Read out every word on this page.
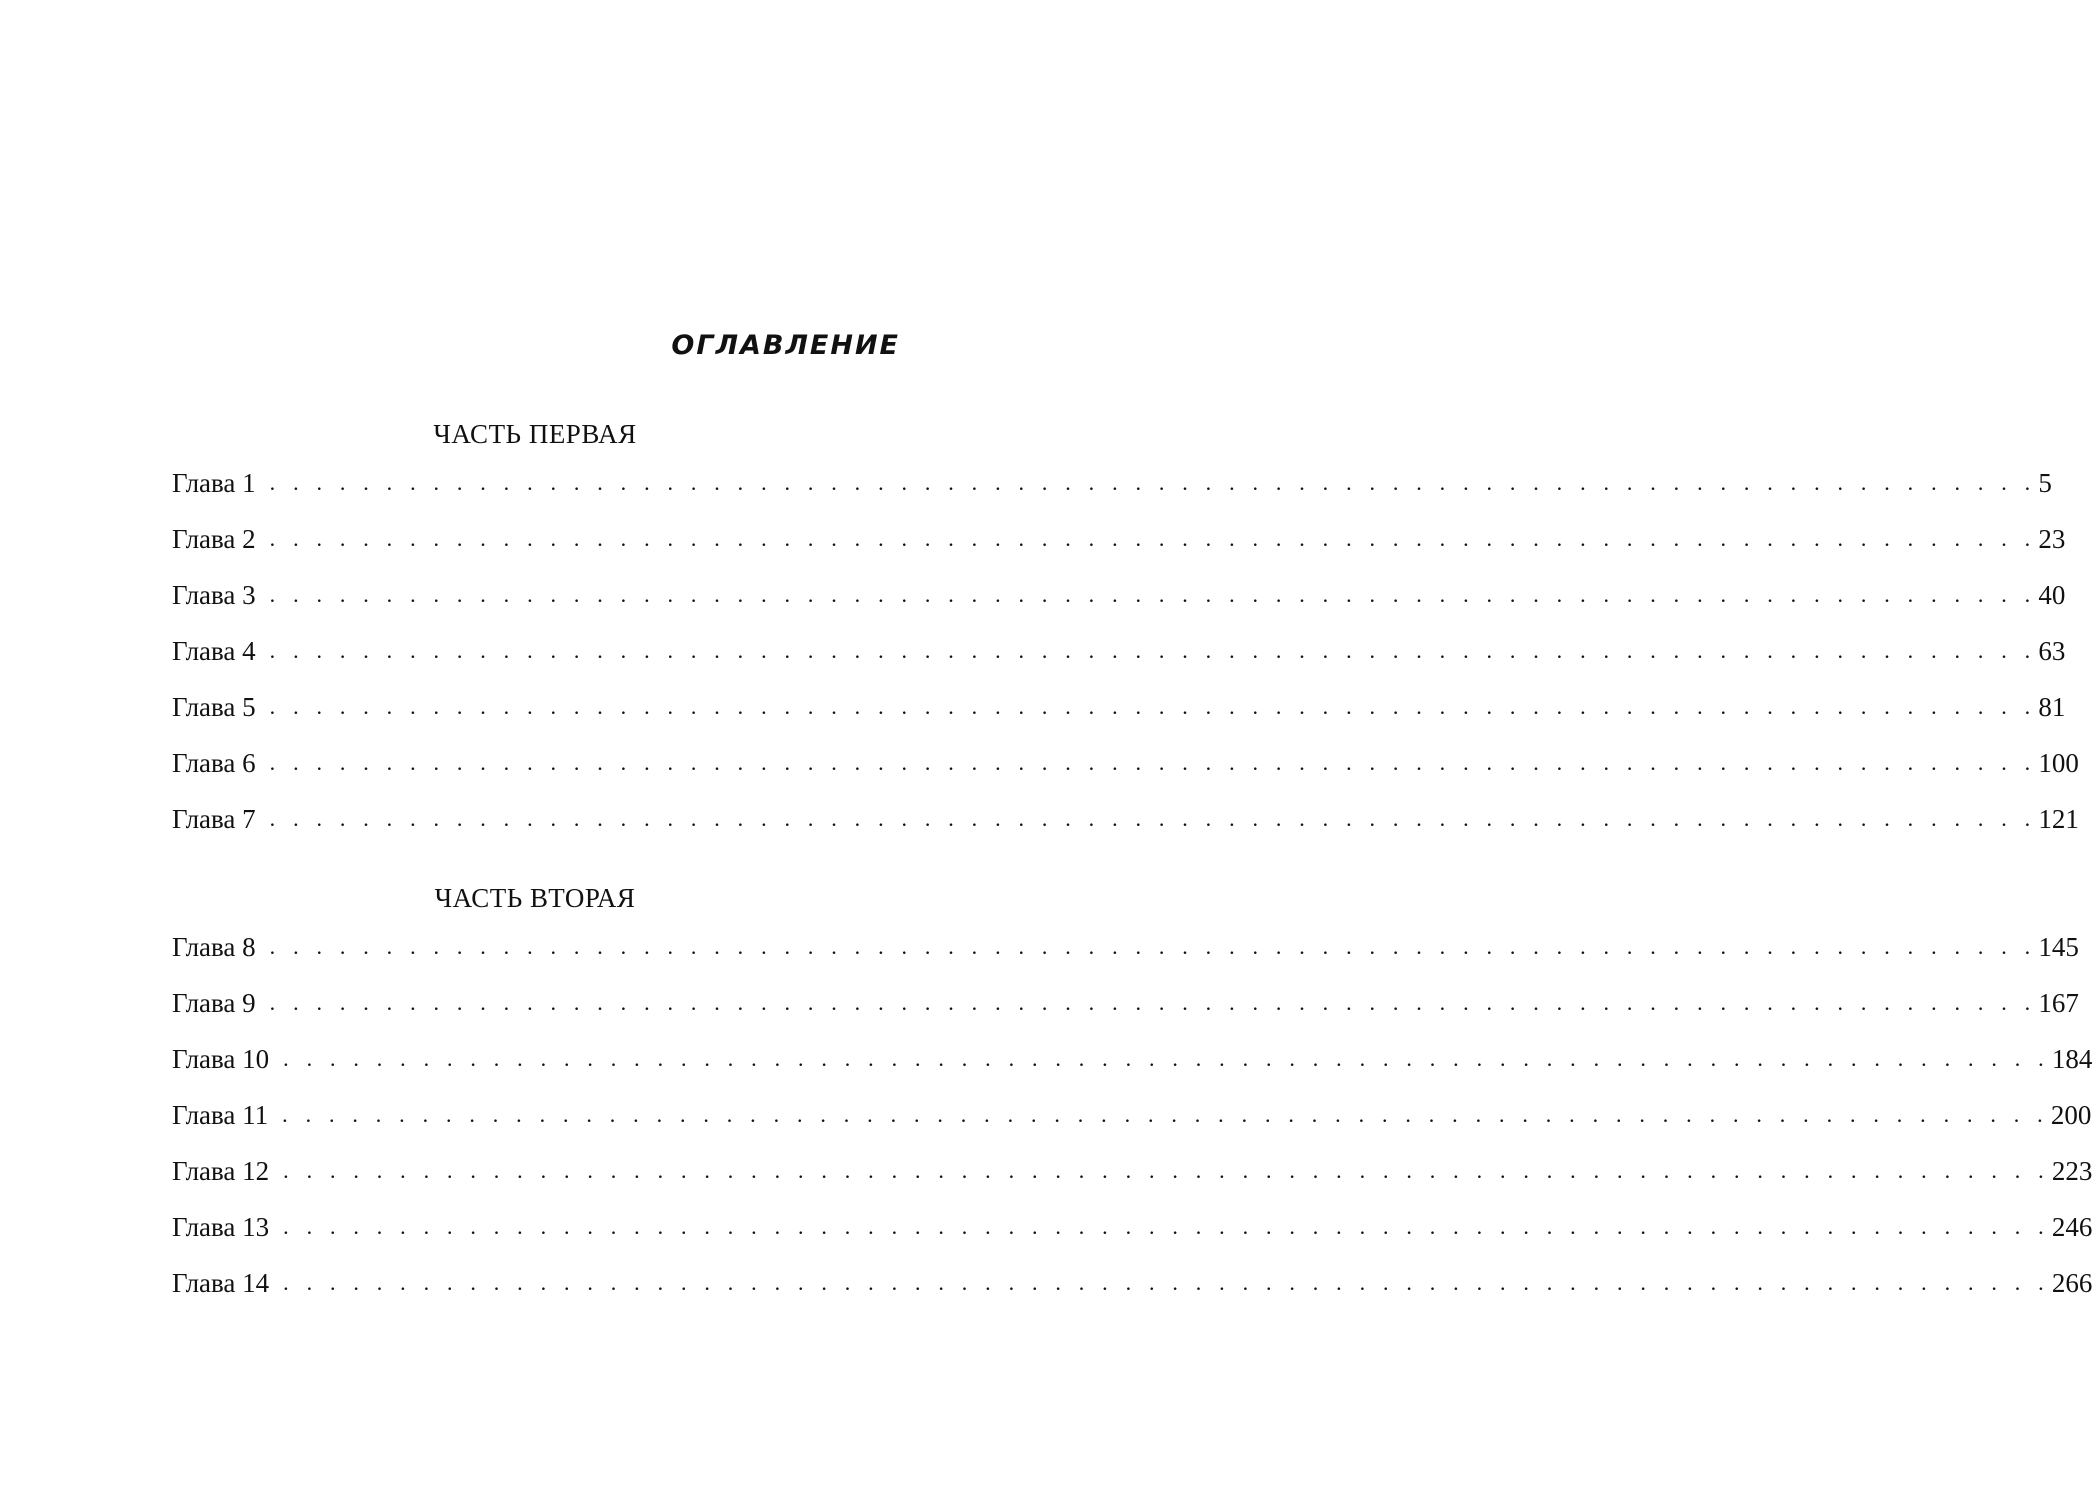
ОГЛАВЛЕНИЕ
ЧАСТЬ ПЕРВАЯ
Глава 1 . . . . . . . . . . . . . . . . . . . . . . . . . . . . . . . . . . . . . . . . . . . . . . . . . . . . . . . . . . . . . . . . . . . . . . . . . . . . 5
Глава 2 . . . . . . . . . . . . . . . . . . . . . . . . . . . . . . . . . . . . . . . . . . . . . . . . . . . . . . . . . . . . . . . . . . . . . . . . . . . . 23
Глава 3 . . . . . . . . . . . . . . . . . . . . . . . . . . . . . . . . . . . . . . . . . . . . . . . . . . . . . . . . . . . . . . . . . . . . . . . . . . . . 40
Глава 4 . . . . . . . . . . . . . . . . . . . . . . . . . . . . . . . . . . . . . . . . . . . . . . . . . . . . . . . . . . . . . . . . . . . . . . . . . . . . 63
Глава 5 . . . . . . . . . . . . . . . . . . . . . . . . . . . . . . . . . . . . . . . . . . . . . . . . . . . . . . . . . . . . . . . . . . . . . . . . . . . . 81
Глава 6 . . . . . . . . . . . . . . . . . . . . . . . . . . . . . . . . . . . . . . . . . . . . . . . . . . . . . . . . . . . . . . . . . . . . . . . . . . . . 100
Глава 7 . . . . . . . . . . . . . . . . . . . . . . . . . . . . . . . . . . . . . . . . . . . . . . . . . . . . . . . . . . . . . . . . . . . . . . . . . . . . 121
ЧАСТЬ ВТОРАЯ
Глава 8 . . . . . . . . . . . . . . . . . . . . . . . . . . . . . . . . . . . . . . . . . . . . . . . . . . . . . . . . . . . . . . . . . . . . . . . . . . . . 145
Глава 9 . . . . . . . . . . . . . . . . . . . . . . . . . . . . . . . . . . . . . . . . . . . . . . . . . . . . . . . . . . . . . . . . . . . . . . . . . . . . 167
Глава 10 . . . . . . . . . . . . . . . . . . . . . . . . . . . . . . . . . . . . . . . . . . . . . . . . . . . . . . . . . . . . . . . . . . . . . . . . . . . . 184
Глава 11 . . . . . . . . . . . . . . . . . . . . . . . . . . . . . . . . . . . . . . . . . . . . . . . . . . . . . . . . . . . . . . . . . . . . . . . . . . . . 200
Глава 12 . . . . . . . . . . . . . . . . . . . . . . . . . . . . . . . . . . . . . . . . . . . . . . . . . . . . . . . . . . . . . . . . . . . . . . . . . . . . 223
Глава 13 . . . . . . . . . . . . . . . . . . . . . . . . . . . . . . . . . . . . . . . . . . . . . . . . . . . . . . . . . . . . . . . . . . . . . . . . . . . . 246
Глава 14 . . . . . . . . . . . . . . . . . . . . . . . . . . . . . . . . . . . . . . . . . . . . . . . . . . . . . . . . . . . . . . . . . . . . . . . . . . . . 266
